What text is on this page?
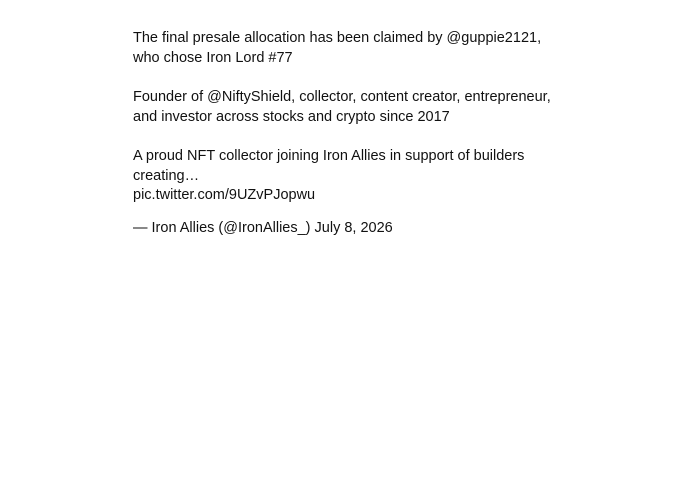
The final presale allocation has been claimed by @guppie2121, who chose Iron Lord #77

Founder of @NiftyShield, collector, content creator, entrepreneur, and investor across stocks and crypto since 2017

A proud NFT collector joining Iron Allies in support of builders creating…
pic.twitter.com/9UZvPJopwu

— Iron Allies (@IronAllies_) July 8, 2026
